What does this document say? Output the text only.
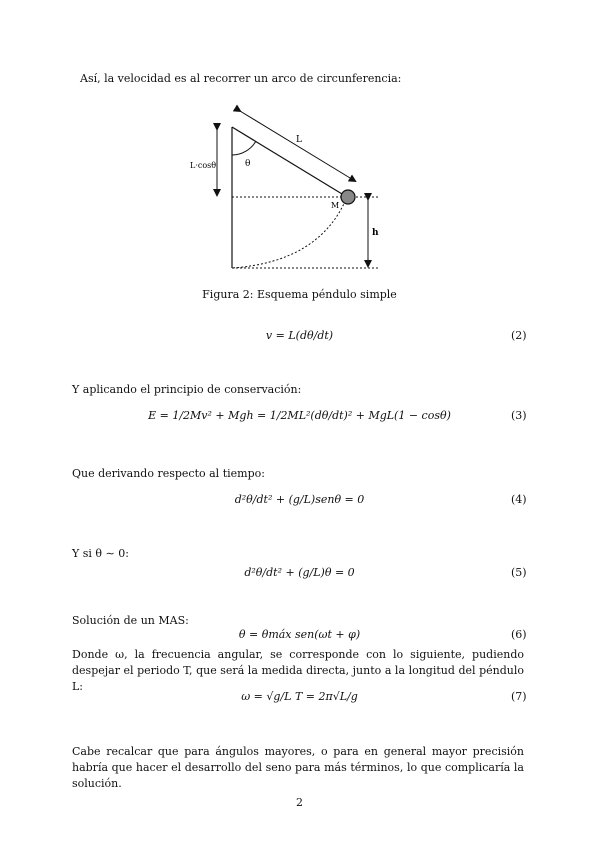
Así, la velocidad es al recorrer un arco de circunferencia:
L
θ
L·cosθ
M
h
Figura 2: Esquema péndulo simple
v = L(dθ/dt)	(2)
Y aplicando el principio de conservación:
E = 1/2Mv² + Mgh = 1/2ML²(dθ/dt)² + MgL(1 − cosθ)	(3)
Que derivando respecto al tiempo:
d²θ/dt² + (g/L)senθ = 0	(4)
Y si θ ∼ 0:
d²θ/dt² + (g/L)θ = 0	(5)
Solución de un MAS:
θ = θmáx sen(ωt + φ)	(6)
Donde ω, la frecuencia angular, se corresponde con lo siguiente, pudiendo despejar el periodo T, que será la medida directa, junto a la longitud del péndulo L:
ω = √g/L T = 2π√L/g	(7)
Cabe recalcar que para ángulos mayores, o para en general mayor precisión habría que hacer el desarrollo del seno para más términos, lo que complicaría la solución.
2
